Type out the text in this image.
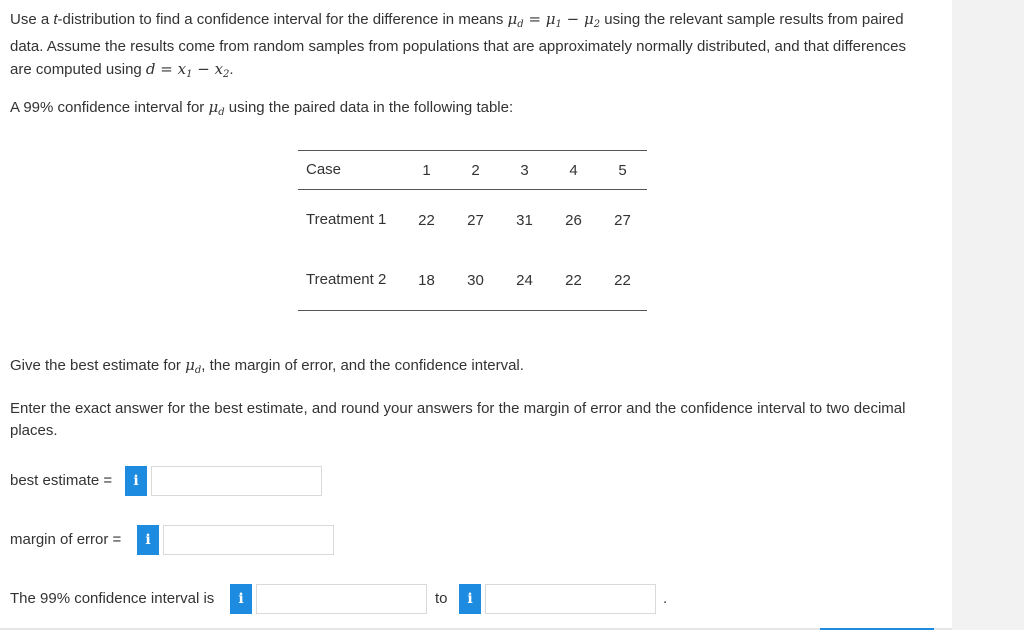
Use a t-distribution to find a confidence interval for the difference in means $\mu_d = \mu_1 - \mu_2$ using the relevant sample results from paired data. Assume the results come from random samples from populations that are approximately normally distributed, and that differences are computed using $d = x_1 - x_2$.
A 99% confidence interval for $\mu_d$ using the paired data in the following table:
Case	1	2	3	4	5
Treatment 1	22	27	31	26	27
Treatment 2	18	30	24	22	22
Give the best estimate for $\mu_d$, the margin of error, and the confidence interval.
Enter the exact answer for the best estimate, and round your answers for the margin of error and the confidence interval to two decimal places.
best estimate =	i
margin of error =	i
The 99% confidence interval is	i	to	i	.
